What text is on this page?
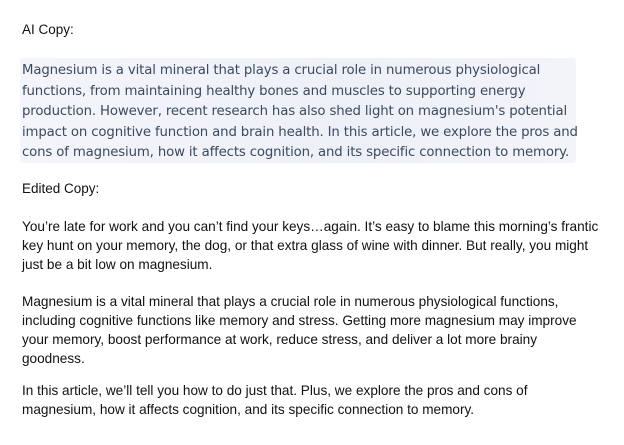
AI Copy:

Magnesium is a vital mineral that plays a crucial role in numerous physiological
functions, from maintaining healthy bones and muscles to supporting energy
production. However, recent research has also shed light on magnesium's potential
impact on cognitive function and brain health. In this article, we explore the pros and
cons of magnesium, how it affects cognition, and its specific connection to memory.

Edited Copy:

You’re late for work and you can’t find your keys…again. It’s easy to blame this morning’s frantic
key hunt on your memory, the dog, or that extra glass of wine with dinner. But really, you might
just be a bit low on magnesium.

Magnesium is a vital mineral that plays a crucial role in numerous physiological functions,
including cognitive functions like memory and stress. Getting more magnesium may improve
your memory, boost performance at work, reduce stress, and deliver a lot more brainy
goodness.

In this article, we’ll tell you how to do just that. Plus, we explore the pros and cons of
magnesium, how it affects cognition, and its specific connection to memory.
